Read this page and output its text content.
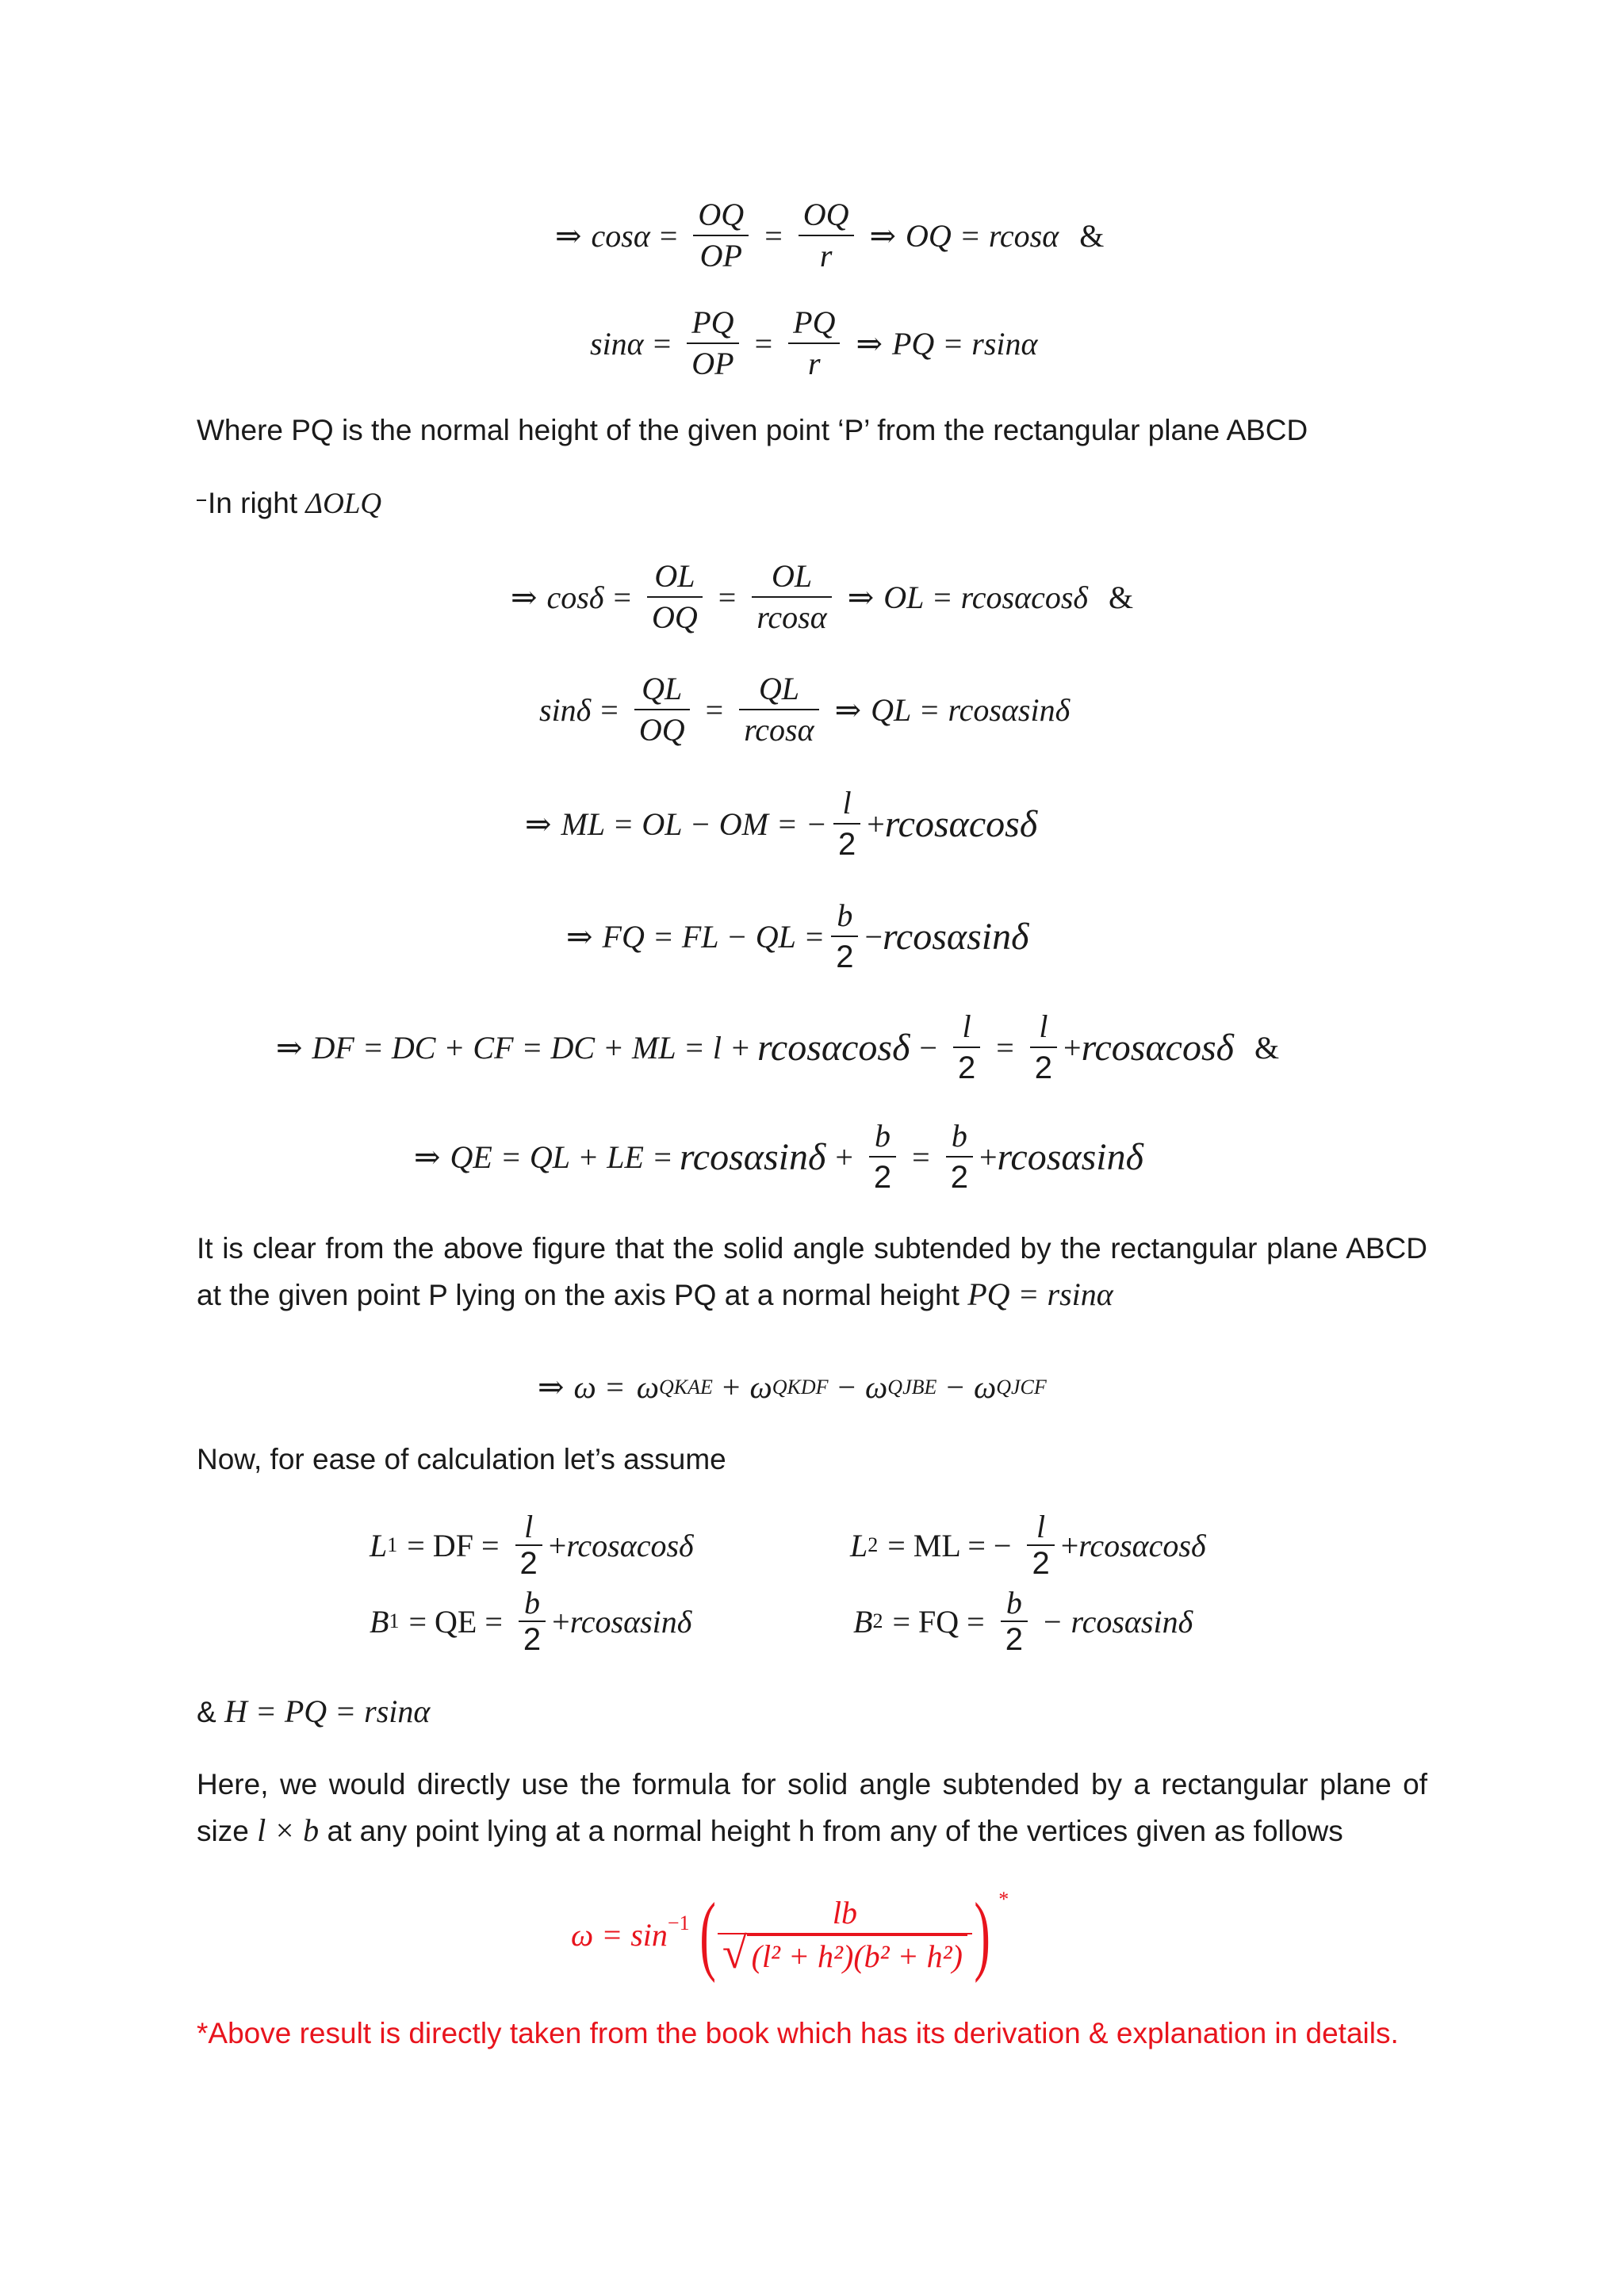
⇒ $\cos\alpha = \frac{OQ}{OP} = \frac{OQ}{r}$ ⇒ OQ = rcosα &
$\sin\alpha = \frac{PQ}{OP} = \frac{PQ}{r}$ ⇒ PQ = rsinα
Where PQ is the normal height of the given point ‘P’ from the rectangular plane ABCD
In right ΔOLQ
⇒ $\cos\delta = \frac{OL}{OQ} = \frac{OL}{rcos\alpha}$ ⇒ OL = rcosαcosδ &
$\sin\delta = \frac{QL}{OQ} = \frac{QL}{rcos\alpha}$ ⇒ QL = rcosαsinδ
⇒ ML = OL − OM = − $\frac{l}{2} + rcos\alpha\cos\delta$
⇒ FQ = FL − QL = $\frac{b}{2} - rcos\alpha\sin\delta$
⇒ DF = DC + CF = DC + ML = $l + rcos\alpha\cos\delta - \frac{l}{2} = \frac{l}{2} + rcos\alpha\cos\delta$ &
⇒ QE = QL + LE = $rcos\alpha\sin\delta + \frac{b}{2} = \frac{b}{2} + rcos\alpha\sin\delta$
It is clear from the above figure that the solid angle subtended by the rectangular plane ABCD at the given point P lying on the axis PQ at a normal height PQ = rsinα
⇒ ω = ω QKAE + ω QKDF − ω QJBE − ω QJCF
Now, for ease of calculation let’s assume
L 1 = DF = $\frac{l}{2} + rcos\alpha\cos\delta$	L 2 = ML = − $\frac{l}{2} + rcos\alpha\cos\delta$
B 1 = QE = $\frac{b}{2} + rcos\alpha\sin\delta$	B 2 = FQ = $\frac{b}{2} - rcos\alpha\sin\delta$
& H = PQ = rsinα
Here, we would directly use the formula for solid angle subtended by a rectangular plane of size l × b at any point lying at a normal height h from any of the vertices given as follows
$\omega = \sin^{-1}$ ( $\frac{lb}{\text{√ (l² + h²)(b² + h²)}}$ ) *
*Above result is directly taken from the book which has its derivation & explanation in details.
